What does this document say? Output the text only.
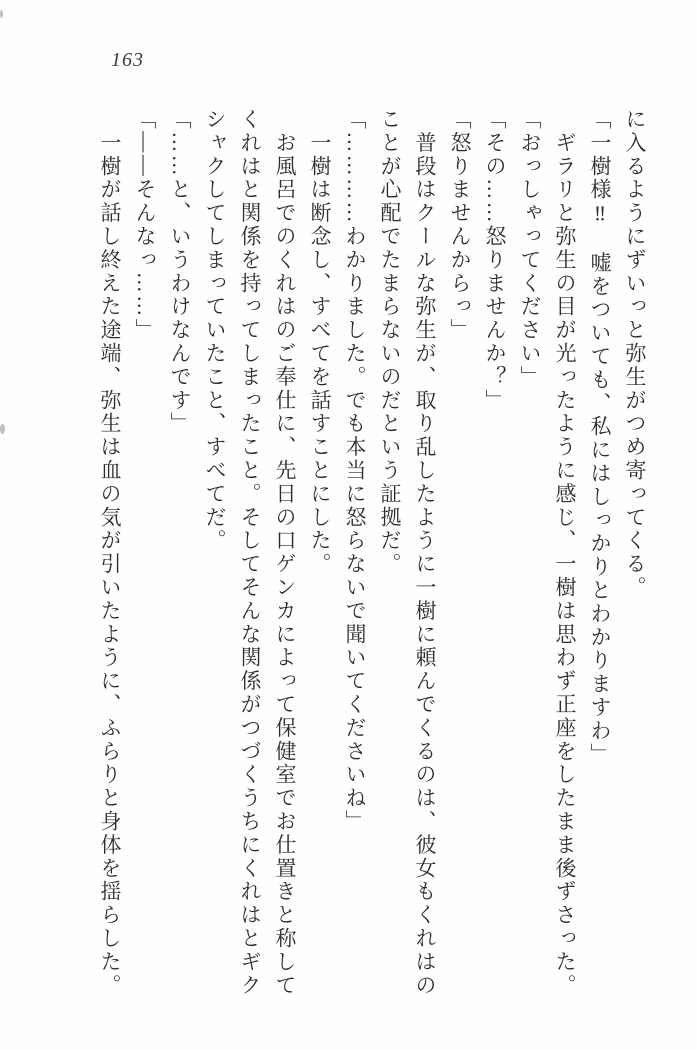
163
に入るようにずいっと弥生がつめ寄ってくる。
「一樹様‼　嘘をついても、私にはしっかりとわかりますわ」
　ギラリと弥生の目が光ったように感じ、一樹は思わず正座をしたまま後ずさった。
「おっしゃってください」
「その……怒りませんか？」
「怒りませんからっ」
　普段はクールな弥生が、取り乱したように一樹に頼んでくるのは、彼女もくれはの
ことが心配でたまらないのだという証拠だ。
「…………わかりました。でも本当に怒らないで聞いてくださいね」
　一樹は断念し、すべてを話すことにした。
　お風呂でのくれはのご奉仕に、先日の口ゲンカによって保健室でお仕置きと称して
くれはと関係を持ってしまったこと。そしてそんな関係がつづくうちにくれはとギク
シャクしてしまっていたこと、すべてだ。
「……と、いうわけなんです」
「――そんなっ……」
　一樹が話し終えた途端、弥生は血の気が引いたように、ふらりと身体を揺らした。
